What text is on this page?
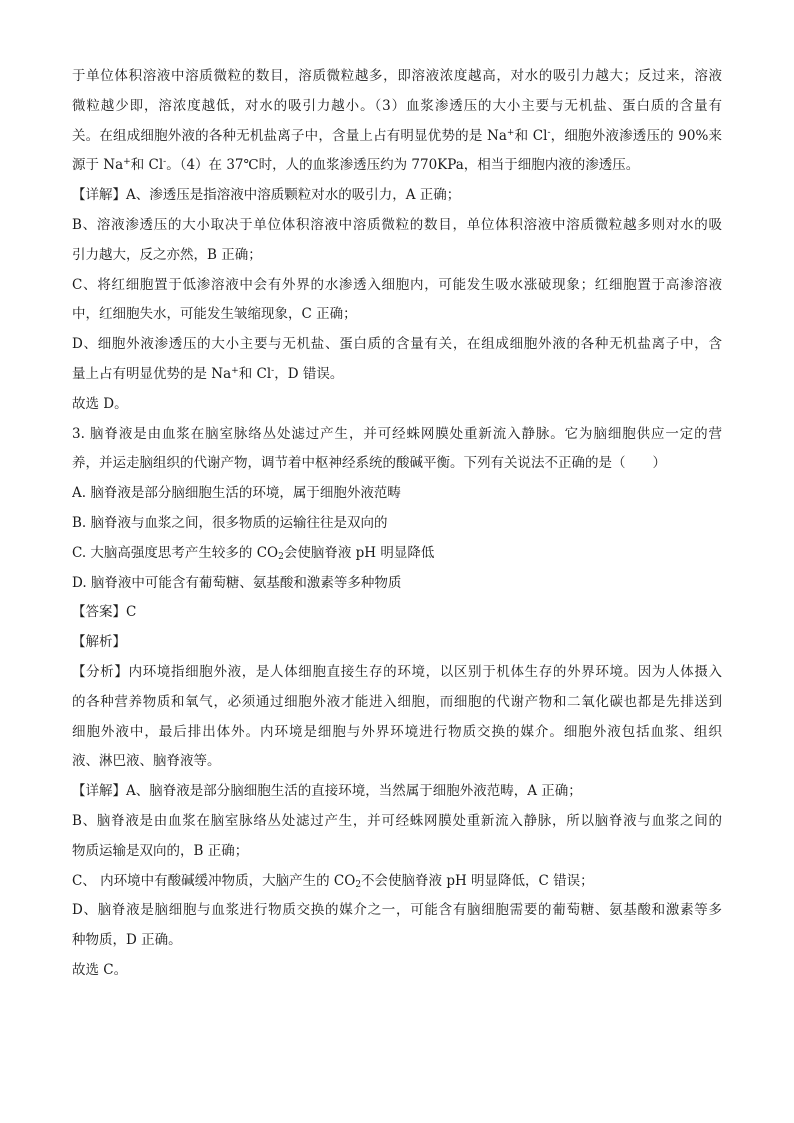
于单位体积溶液中溶质微粒的数目，溶质微粒越多，即溶液浓度越高，对水的吸引力越大；反过来，溶液
微粒越少即，溶浓度越低，对水的吸引力越小。（3）血浆渗透压的大小主要与无机盐、蛋白质的含量有
关。在组成细胞外液的各种无机盐离子中，含量上占有明显优势的是 Na+和 Cl-，细胞外液渗透压的 90%来
源于 Na+和 Cl-。（4）在 37℃时，人的血浆渗透压约为 770KPa，相当于细胞内液的渗透压。
【详解】A、渗透压是指溶液中溶质颗粒对水的吸引力，A 正确；
B、溶液渗透压的大小取决于单位体积溶液中溶质微粒的数目，单位体积溶液中溶质微粒越多则对水的吸
引力越大，反之亦然，B 正确；
C、将红细胞置于低渗溶液中会有外界的水渗透入细胞内，可能发生吸水涨破现象；红细胞置于高渗溶液
中，红细胞失水，可能发生皱缩现象，C 正确；
D、细胞外液渗透压的大小主要与无机盐、蛋白质的含量有关，在组成细胞外液的各种无机盐离子中，含
量上占有明显优势的是 Na+和 Cl-，D 错误。
故选 D。
3. 脑脊液是由血浆在脑室脉络丛处滤过产生，并可经蛛网膜处重新流入静脉。它为脑细胞供应一定的营
养，并运走脑组织的代谢产物，调节着中枢神经系统的酸碱平衡。下列有关说法不正确的是（　　）
A. 脑脊液是部分脑细胞生活的环境，属于细胞外液范畴
B. 脑脊液与血浆之间，很多物质的运输往往是双向的
C. 大脑高强度思考产生较多的 $CO_2$会使脑脊液 pH 明显降低
D. 脑脊液中可能含有葡萄糖、氨基酸和激素等多种物质
【答案】C
【解析】
【分析】内环境指细胞外液，是人体细胞直接生存的环境，以区别于机体生存的外界环境。因为人体摄入
的各种营养物质和氧气，必须通过细胞外液才能进入细胞，而细胞的代谢产物和二氧化碳也都是先排送到
细胞外液中，最后排出体外。内环境是细胞与外界环境进行物质交换的媒介。细胞外液包括血浆、组织
液、淋巴液、脑脊液等。
【详解】A、脑脊液是部分脑细胞生活的直接环境，当然属于细胞外液范畴，A 正确；
B、脑脊液是由血浆在脑室脉络丛处滤过产生，并可经蛛网膜处重新流入静脉，所以脑脊液与血浆之间的
物质运输是双向的，B 正确；
C、 内环境中有酸碱缓冲物质，大脑产生的 $CO_2$不会使脑脊液 pH 明显降低，C 错误；
D、脑脊液是脑细胞与血浆进行物质交换的媒介之一，可能含有脑细胞需要的葡萄糖、氨基酸和激素等多
种物质，D 正确。
故选 C。
